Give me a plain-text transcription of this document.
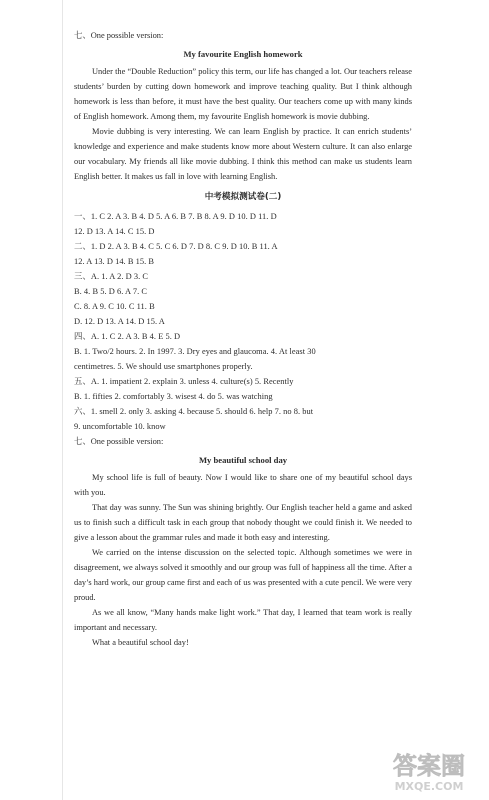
七、One possible version:

My favourite English homework

Under the “Double Reduction” policy this term, our life has changed a lot. Our teachers release students’ burden by cutting down homework and improve teaching quality. But I think although homework is less than before, it must have the best quality. Our teachers come up with many kinds of English homework. Among them, my favourite English homework is movie dubbing.

Movie dubbing is very interesting. We can learn English by practice. It can enrich students’ knowledge and experience and make students know more about Western culture. It can also enlarge our vocabulary. My friends all like movie dubbing. I think this method can make us students learn English better. It makes us fall in love with learning English.

中考模拟测试卷(二)

一、1. C 2. A 3. B 4. D 5. A 6. B 7. B 8. A 9. D 10. D 11. D

12. D 13. A 14. C 15. D

二、1. D 2. A 3. B 4. C 5. C 6. D 7. D 8. C 9. D 10. B 11. A

12. A 13. D 14. B 15. B

三、A. 1. A 2. D 3. C

B. 4. B 5. D 6. A 7. C

C. 8. A 9. C 10. C 11. B

D. 12. D 13. A 14. D 15. A

四、A. 1. C 2. A 3. B 4. E 5. D

B. 1. Two/2 hours. 2. In 1997. 3. Dry eyes and glaucoma. 4. At least 30

centimetres. 5. We should use smartphones properly.

五、A. 1. impatient 2. explain 3. unless 4. culture(s) 5. Recently

B. 1. fifties 2. comfortably 3. wisest 4. do 5. was watching

六、1. smell 2. only 3. asking 4. because 5. should 6. help 7. no 8. but

9. uncomfortable 10. know

七、One possible version:

My beautiful school day

My school life is full of beauty. Now I would like to share one of my beautiful school days with you.

That day was sunny. The Sun was shining brightly. Our English teacher held a game and asked us to finish such a difficult task in each group that nobody thought we could finish it. We needed to give a lesson about the grammar rules and made it both easy and interesting.

We carried on the intense discussion on the selected topic. Although sometimes we were in disagreement, we always solved it smoothly and our group was full of happiness all the time. After a day’s hard work, our group came first and each of us was presented with a cute pencil. We were very proud.

As we all know, “Many hands make light work.” That day, I learned that team work is really important and necessary.

What a beautiful school day!

答案圈
MXQE.COM
